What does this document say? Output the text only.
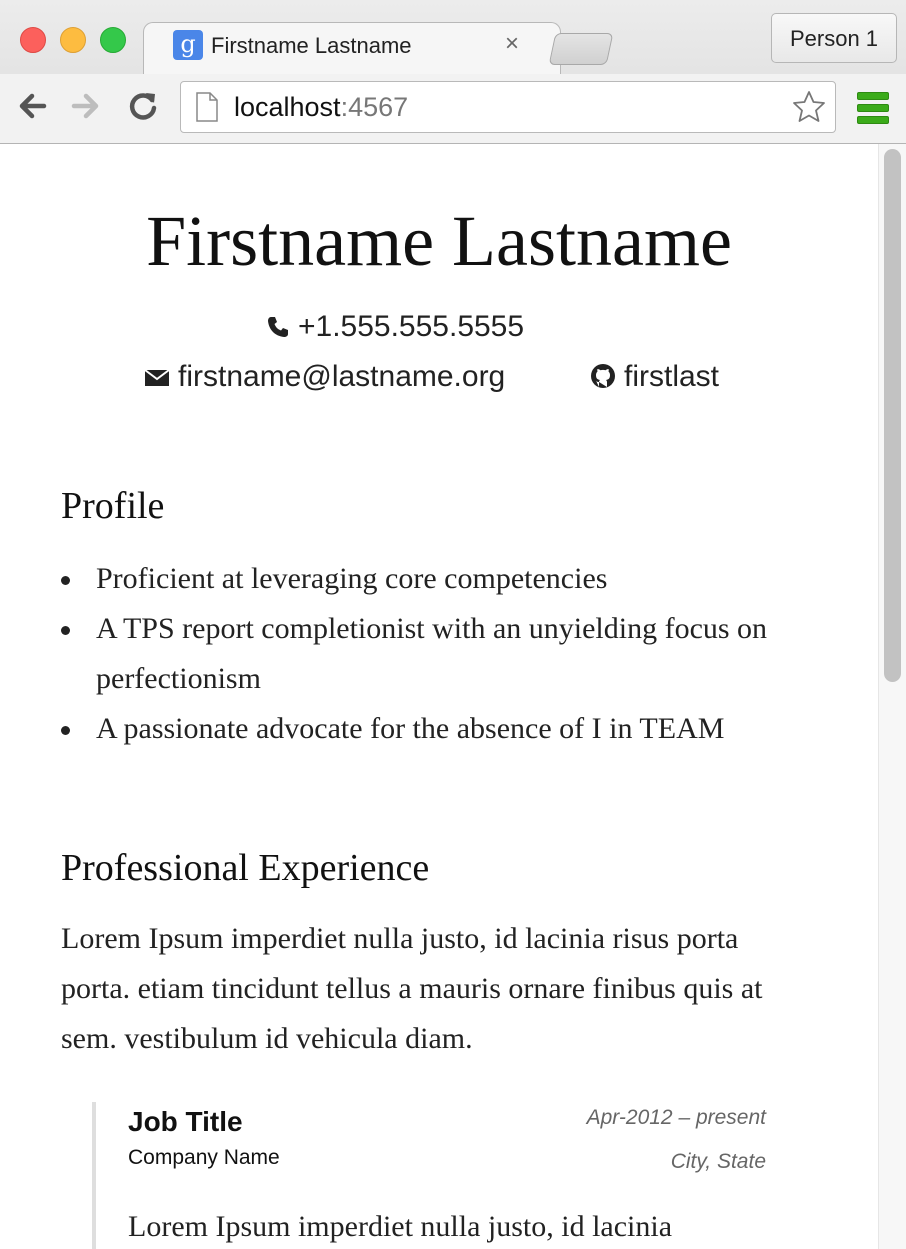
g Firstname Lastname	×	Person 1
localhost:4567
Firstname Lastname
+1.555.555.5555
firstname@lastname.org	firstlast
Profile
Proficient at leveraging core competencies
A TPS report completionist with an unyielding focus on perfectionism
A passionate advocate for the absence of I in TEAM
Professional Experience

Lorem Ipsum imperdiet nulla justo, id lacinia risus porta porta. etiam tincidunt tellus a mauris ornare finibus quis at sem. vestibulum id vehicula diam.

Job Title
Company Name
Apr-2012 – present
City, State
Lorem Ipsum imperdiet nulla justo, id lacinia
